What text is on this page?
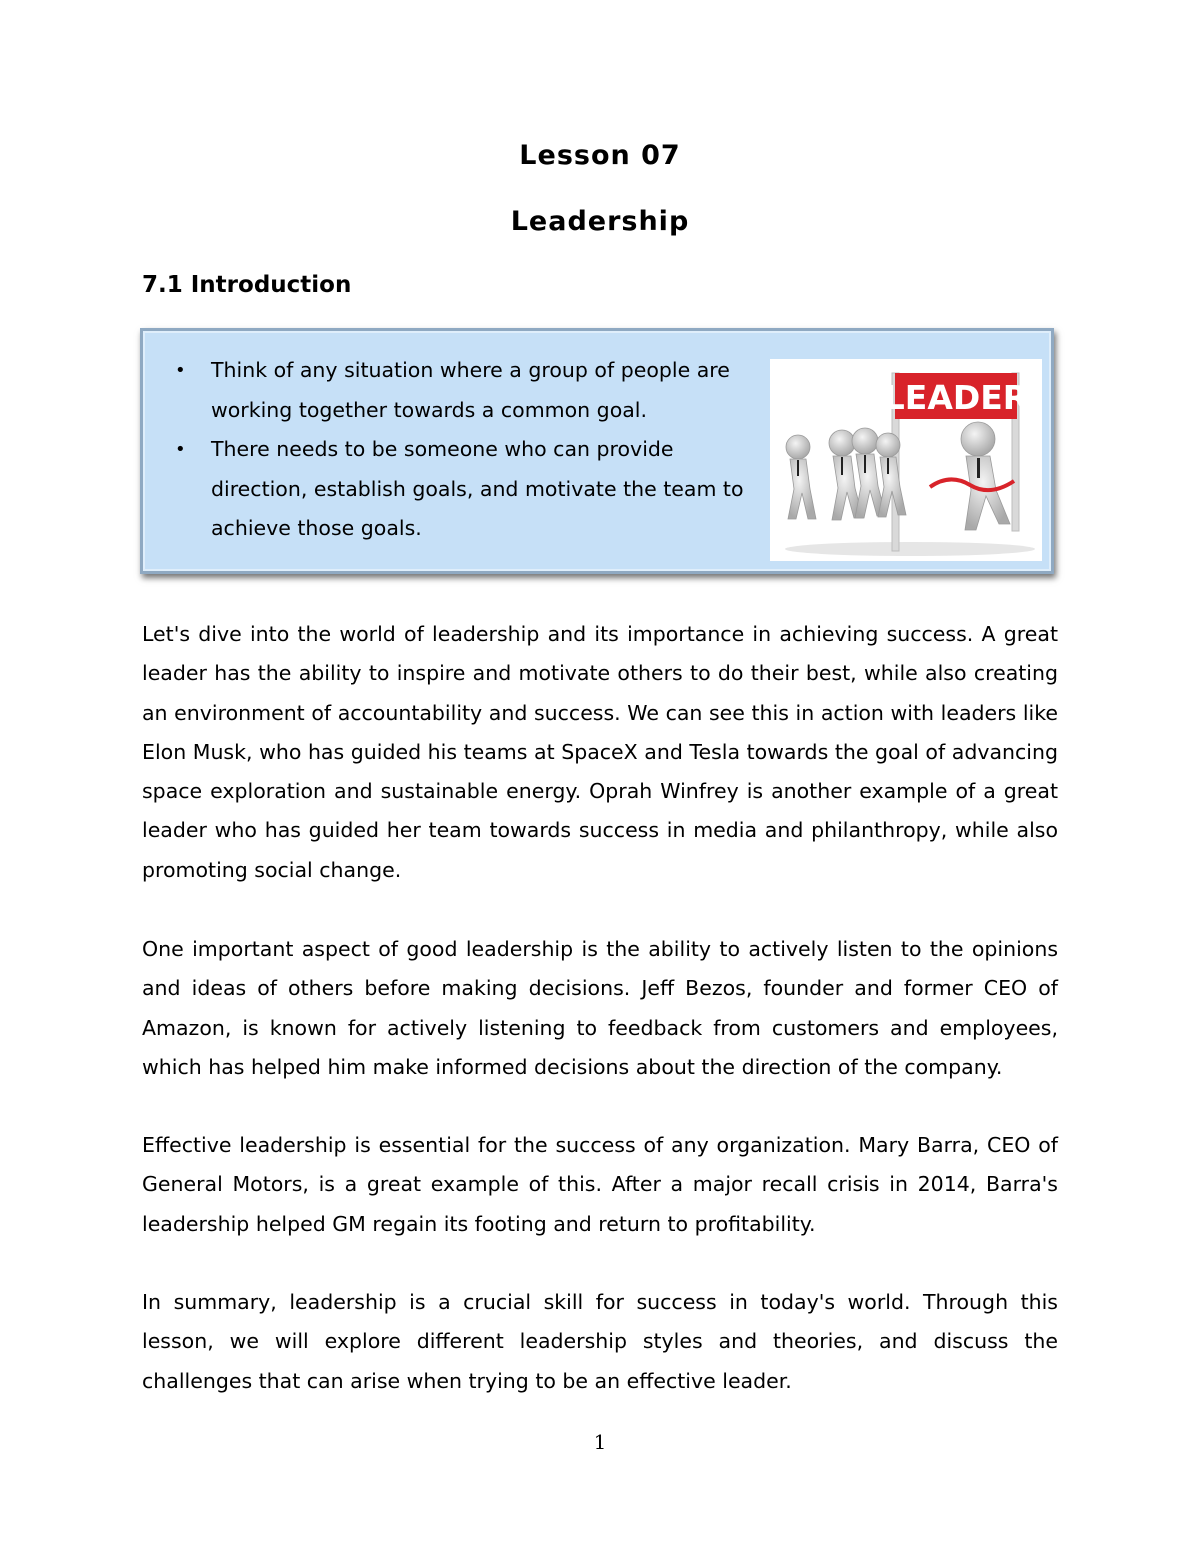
Lesson 07
Leadership
7.1 Introduction
• Think of any situation where a group of people are working together towards a common goal.
• There needs to be someone who can provide direction, establish goals, and motivate the team to achieve those goals.
LEADER

Let's dive into the world of leadership and its importance in achieving success. A great leader has the ability to inspire and motivate others to do their best, while also creating an environment of accountability and success. We can see this in action with leaders like Elon Musk, who has guided his teams at SpaceX and Tesla towards the goal of advancing space exploration and sustainable energy. Oprah Winfrey is another example of a great leader who has guided her team towards success in media and philanthropy, while also promoting social change.

One important aspect of good leadership is the ability to actively listen to the opinions and ideas of others before making decisions. Jeff Bezos, founder and former CEO of Amazon, is known for actively listening to feedback from customers and employees, which has helped him make informed decisions about the direction of the company.

Effective leadership is essential for the success of any organization. Mary Barra, CEO of General Motors, is a great example of this. After a major recall crisis in 2014, Barra's leadership helped GM regain its footing and return to profitability.

In summary, leadership is a crucial skill for success in today's world. Through this lesson, we will explore different leadership styles and theories, and discuss the challenges that can arise when trying to be an effective leader.

1
